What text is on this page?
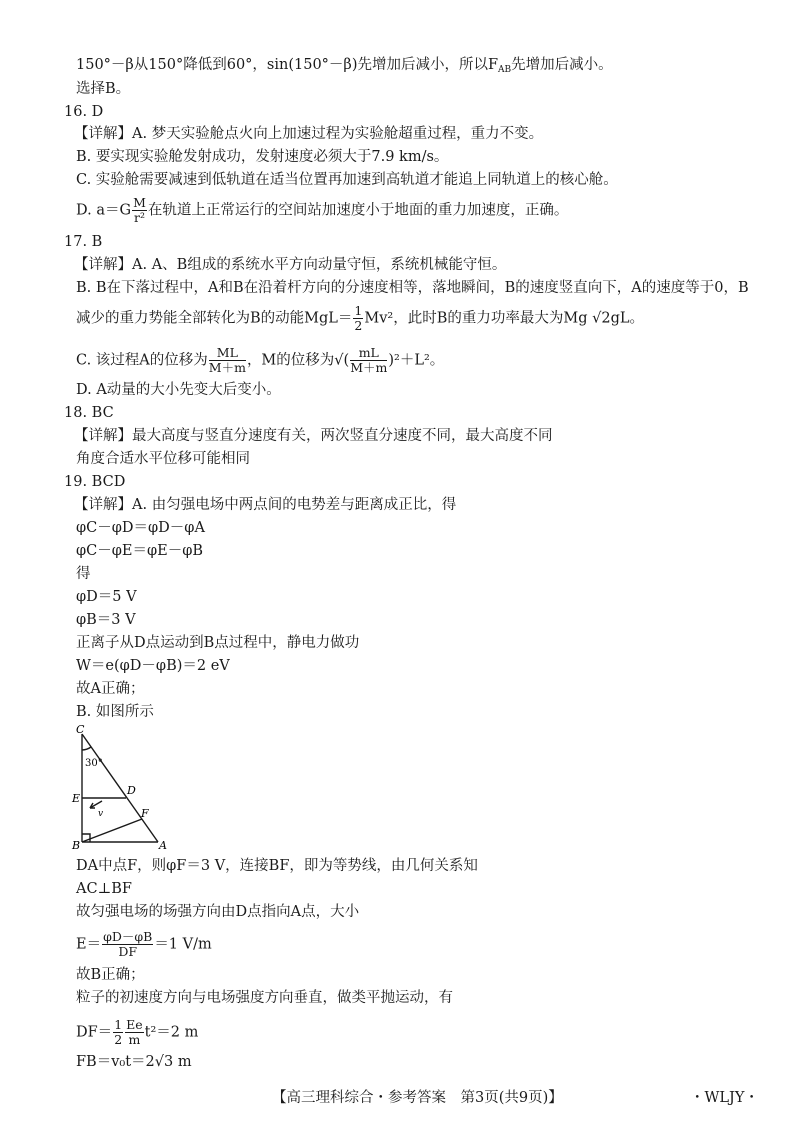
150°－β从150°降低到60°，sin(150°－β)先增加后减小，所以$F_{AB}$先增加后减小。
选择B。
16. D
【详解】A. 梦天实验舱点火向上加速过程为实验舱超重过程，重力不变。
B. 要实现实验舱发射成功，发射速度必须大于7.9 km/s。
C. 实验舱需要减速到低轨道在适当位置再加速到高轨道才能追上同轨道上的核心舱。
D. $a=G \frac{M}{\text{r²}}$ 在轨道上正常运行的空间站加速度小于地面的重力加速度，正确。
17. B
【详解】A. A、B组成的系统水平方向动量守恒，系统机械能守恒。
B. B在下落过程中，A和B在沿着杆方向的分速度相等，落地瞬间，B的速度竖直向下，A的速度等于0，B
减少的重力势能全部转化为B的动能$MgL= \frac{1}{2} Mv^2$，此时B的重力功率最大为Mg √2gL。
C. 该过程A的位移为 $\frac{ML}{M+m}$ ，M的位移为√( $\frac{mL}{M+m} )^2+L^2$。
D. A动量的大小先变大后变小。
18. BC
【详解】最大高度与竖直分速度有关，两次竖直分速度不同，最大高度不同
角度合适水平位移可能相同
19. BCD
【详解】A. 由匀强电场中两点间的电势差与距离成正比，得
φC－φD＝φD－φA
φC－φE＝φE－φB
得
φD＝5 V
φB＝3 V
正离子从D点运动到B点过程中，静电力做功
W＝e(φD－φB)＝2 eV
故A正确；
B. 如图所示
C
30°
E
D
v	F
B	A
DA中点F，则φF＝3 V，连接BF，即为等势线，由几何关系知
AC⊥BF
故匀强电场的场强方向由D点指向A点，大小
$E= \frac{\varphi D-\varphi B}{DF} =1$ V/m
故B正确；
粒子的初速度方向与电场强度方向垂直，做类平抛运动，有
$DF= \frac{1}{2} \frac{Ee}{m} t^2=2$ m
FB＝v₀t＝2√3 m
【高三理科综合・参考答案　第3页(共9页)】	・WLJY・
